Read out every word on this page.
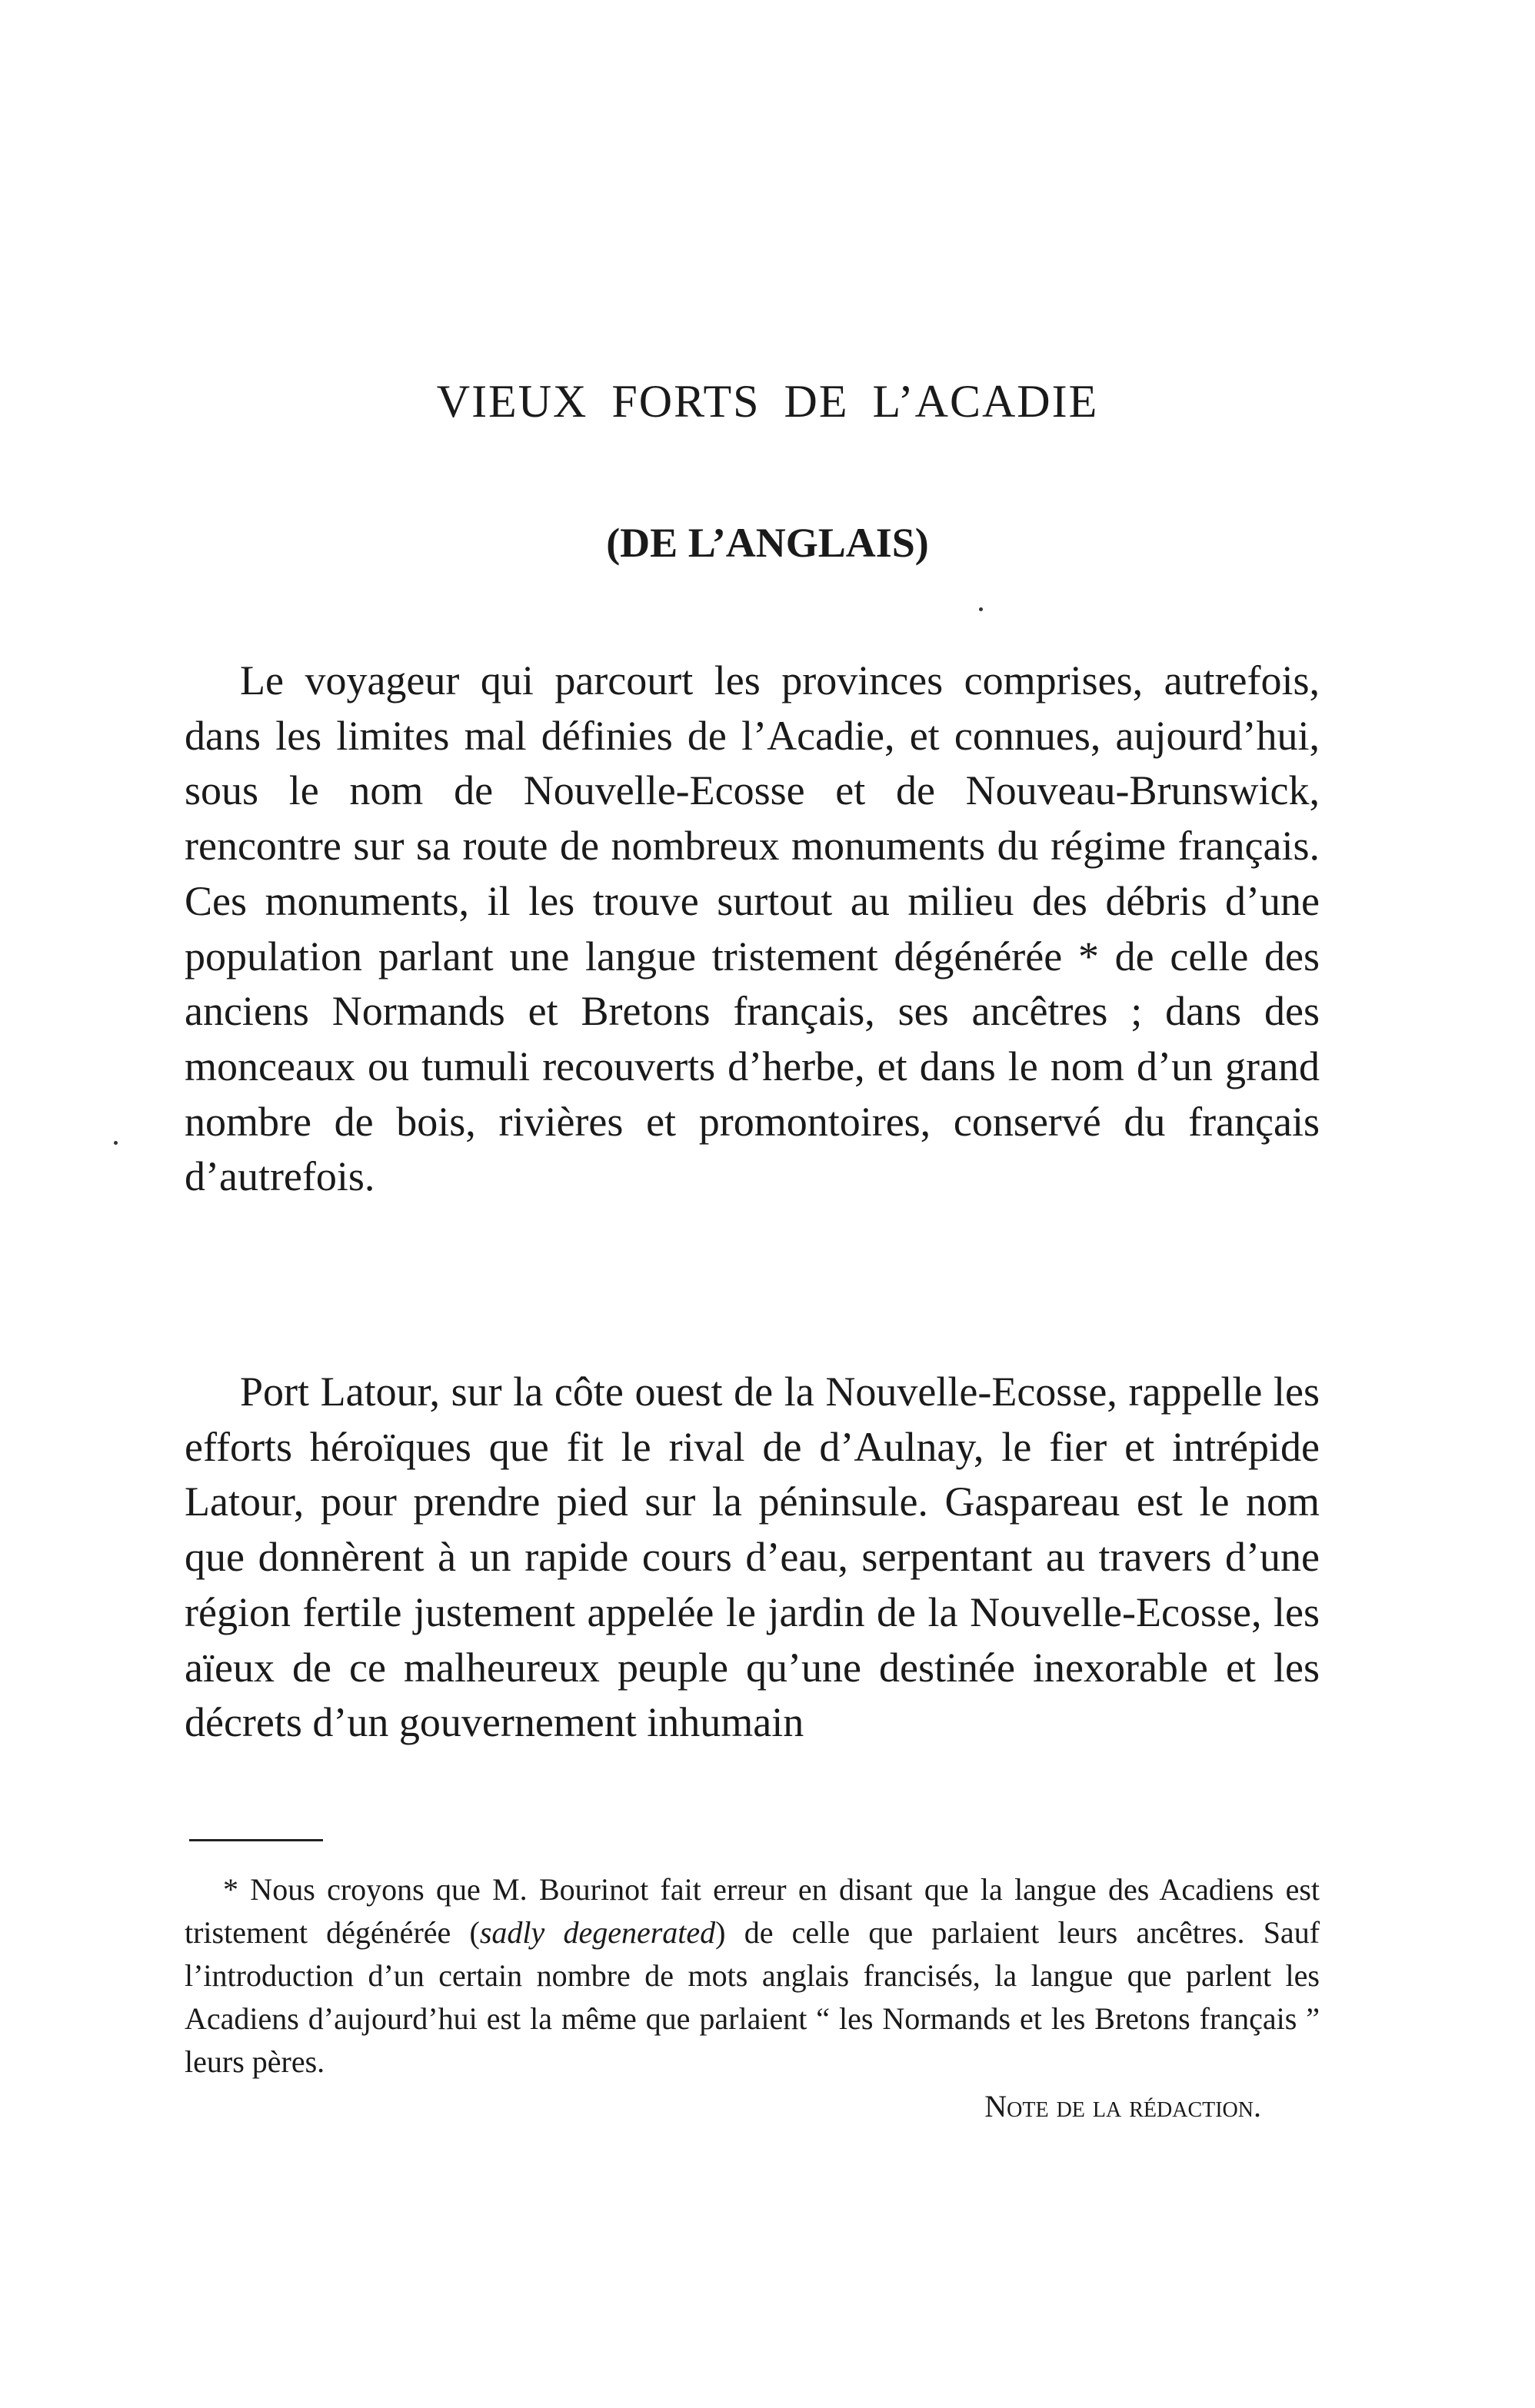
VIEUX FORTS DE L’ACADIE
(DE L’ANGLAIS)

Le voyageur qui parcourt les provinces comprises, autrefois, dans les limites mal définies de l’Acadie, et connues, aujourd’hui, sous le nom de Nouvelle-Ecosse et de Nouveau-Brunswick, rencontre sur sa route de nombreux monuments du régime français. Ces monuments, il les trouve surtout au milieu des débris d’une population parlant une langue tristement dégénérée * de celle des anciens Normands et Bretons français, ses ancêtres ; dans des monceaux ou tumuli recouverts d’herbe, et dans le nom d’un grand nombre de bois, rivières et promontoires, conservé du français d’autrefois.

Port Latour, sur la côte ouest de la Nouvelle-Ecosse, rappelle les efforts héroïques que fit le rival de d’Aulnay, le fier et intrépide Latour, pour prendre pied sur la péninsule. Gaspareau est le nom que donnèrent à un rapide cours d’eau, serpentant au travers d’une région fertile justement appelée le jardin de la Nouvelle-Ecosse, les aïeux de ce malheureux peuple qu’une destinée inexorable et les décrets d’un gouvernement inhumain

* Nous croyons que M. Bourinot fait erreur en disant que la langue des Acadiens est tristement dégénérée (sadly degenerated) de celle que parlaient leurs ancêtres. Sauf l’introduction d’un certain nombre de mots anglais francisés, la langue que parlent les Acadiens d’aujourd’hui est la même que parlaient “ les Normands et les Bretons français ” leurs pères.

Note de la rédaction.
